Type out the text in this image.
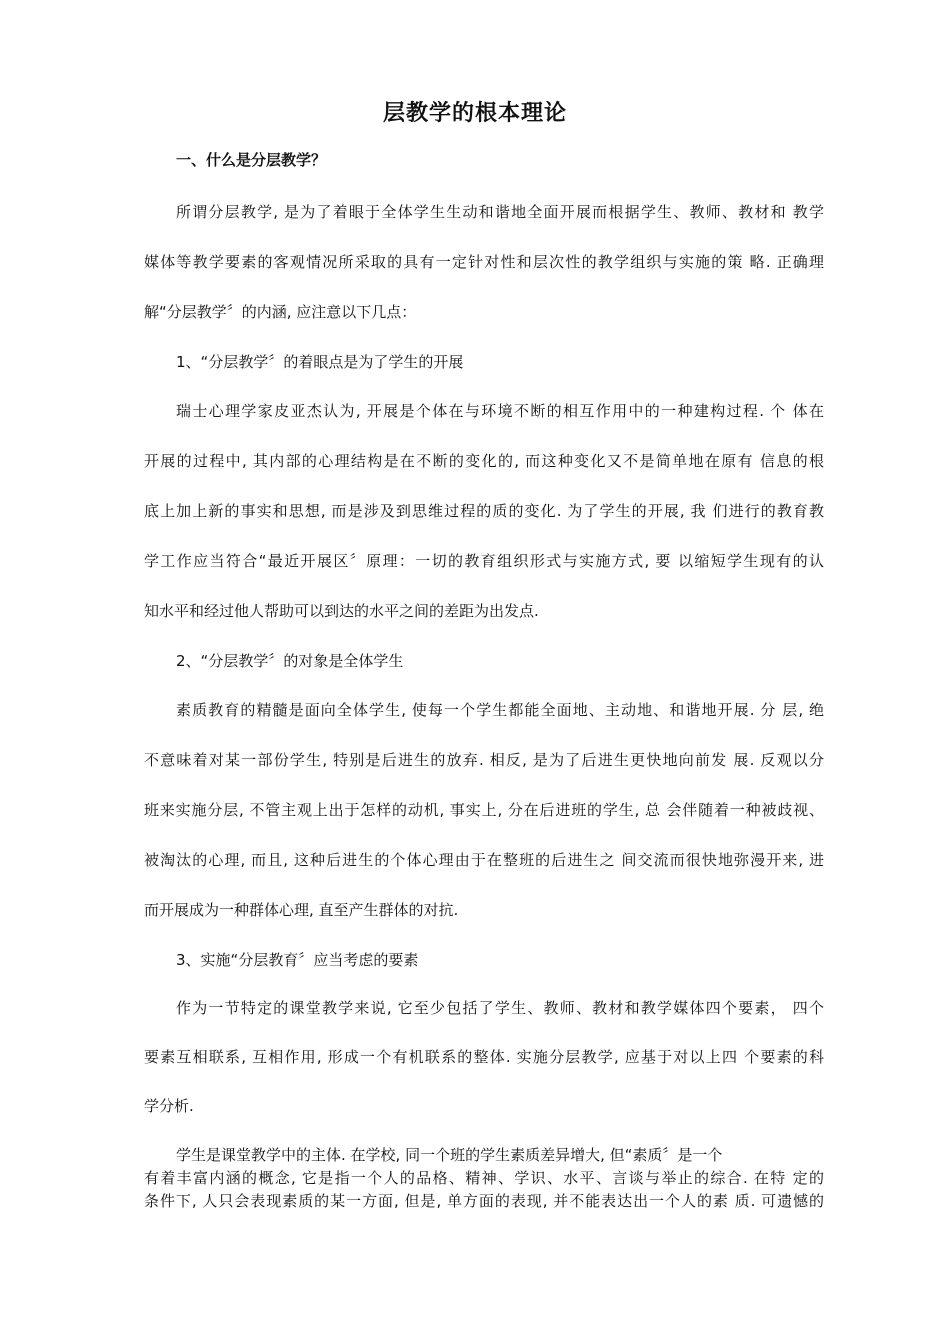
层教学的根本理论
一、什么是分层教学？
所谓分层教学, 是为了着眼于全体学生生动和谐地全面开展而根据学生、教师、教材和 教学
媒体等教学要素的客观情况所采取的具有一定针对性和层次性的教学组织与实施的策 略. 正确理
解“分层教学〞的内涵, 应注意以下几点：
1、“分层教学〞的着眼点是为了学生的开展
瑞士心理学家皮亚杰认为, 开展是个体在与环境不断的相互作用中的一种建构过程. 个 体在
开展的过程中, 其内部的心理结构是在不断的变化的, 而这种变化又不是简单地在原有 信息的根
底上加上新的事实和思想, 而是涉及到思维过程的质的变化. 为了学生的开展, 我 们进行的教育教
学工作应当符合“最近开展区〞原理：一切的教育组织形式与实施方式, 要 以缩短学生现有的认
知水平和经过他人帮助可以到达的水平之间的差距为出发点.
2、“分层教学〞的对象是全体学生
素质教育的精髓是面向全体学生, 使每一个学生都能全面地、主动地、和谐地开展. 分 层, 绝
不意味着对某一部份学生, 特别是后进生的放弃. 相反, 是为了后进生更快地向前发 展. 反观以分
班来实施分层, 不管主观上出于怎样的动机, 事实上, 分在后进班的学生, 总 会伴随着一种被歧视、
被淘汰的心理, 而且, 这种后进生的个体心理由于在整班的后进生之 间交流而很快地弥漫开来, 进
而开展成为一种群体心理, 直至产生群体的对抗.
3、实施“分层教育〞应当考虑的要素
作为一节特定的课堂教学来说, 它至少包括了学生、教师、教材和教学媒体四个要素， 四个
要素互相联系, 互相作用, 形成一个有机联系的整体. 实施分层教学, 应基于对以上四 个要素的科
学分析.
学生是课堂教学中的主体. 在学校, 同一个班的学生素质差异增大, 但“素质〞是一个
有着丰富内涵的概念, 它是指一个人的品格、精神、学识、水平、言谈与举止的综合. 在特 定的
条件下, 人只会表现素质的某一方面, 但是, 单方面的表现, 并不能表达出一个人的素 质. 可遗憾的
